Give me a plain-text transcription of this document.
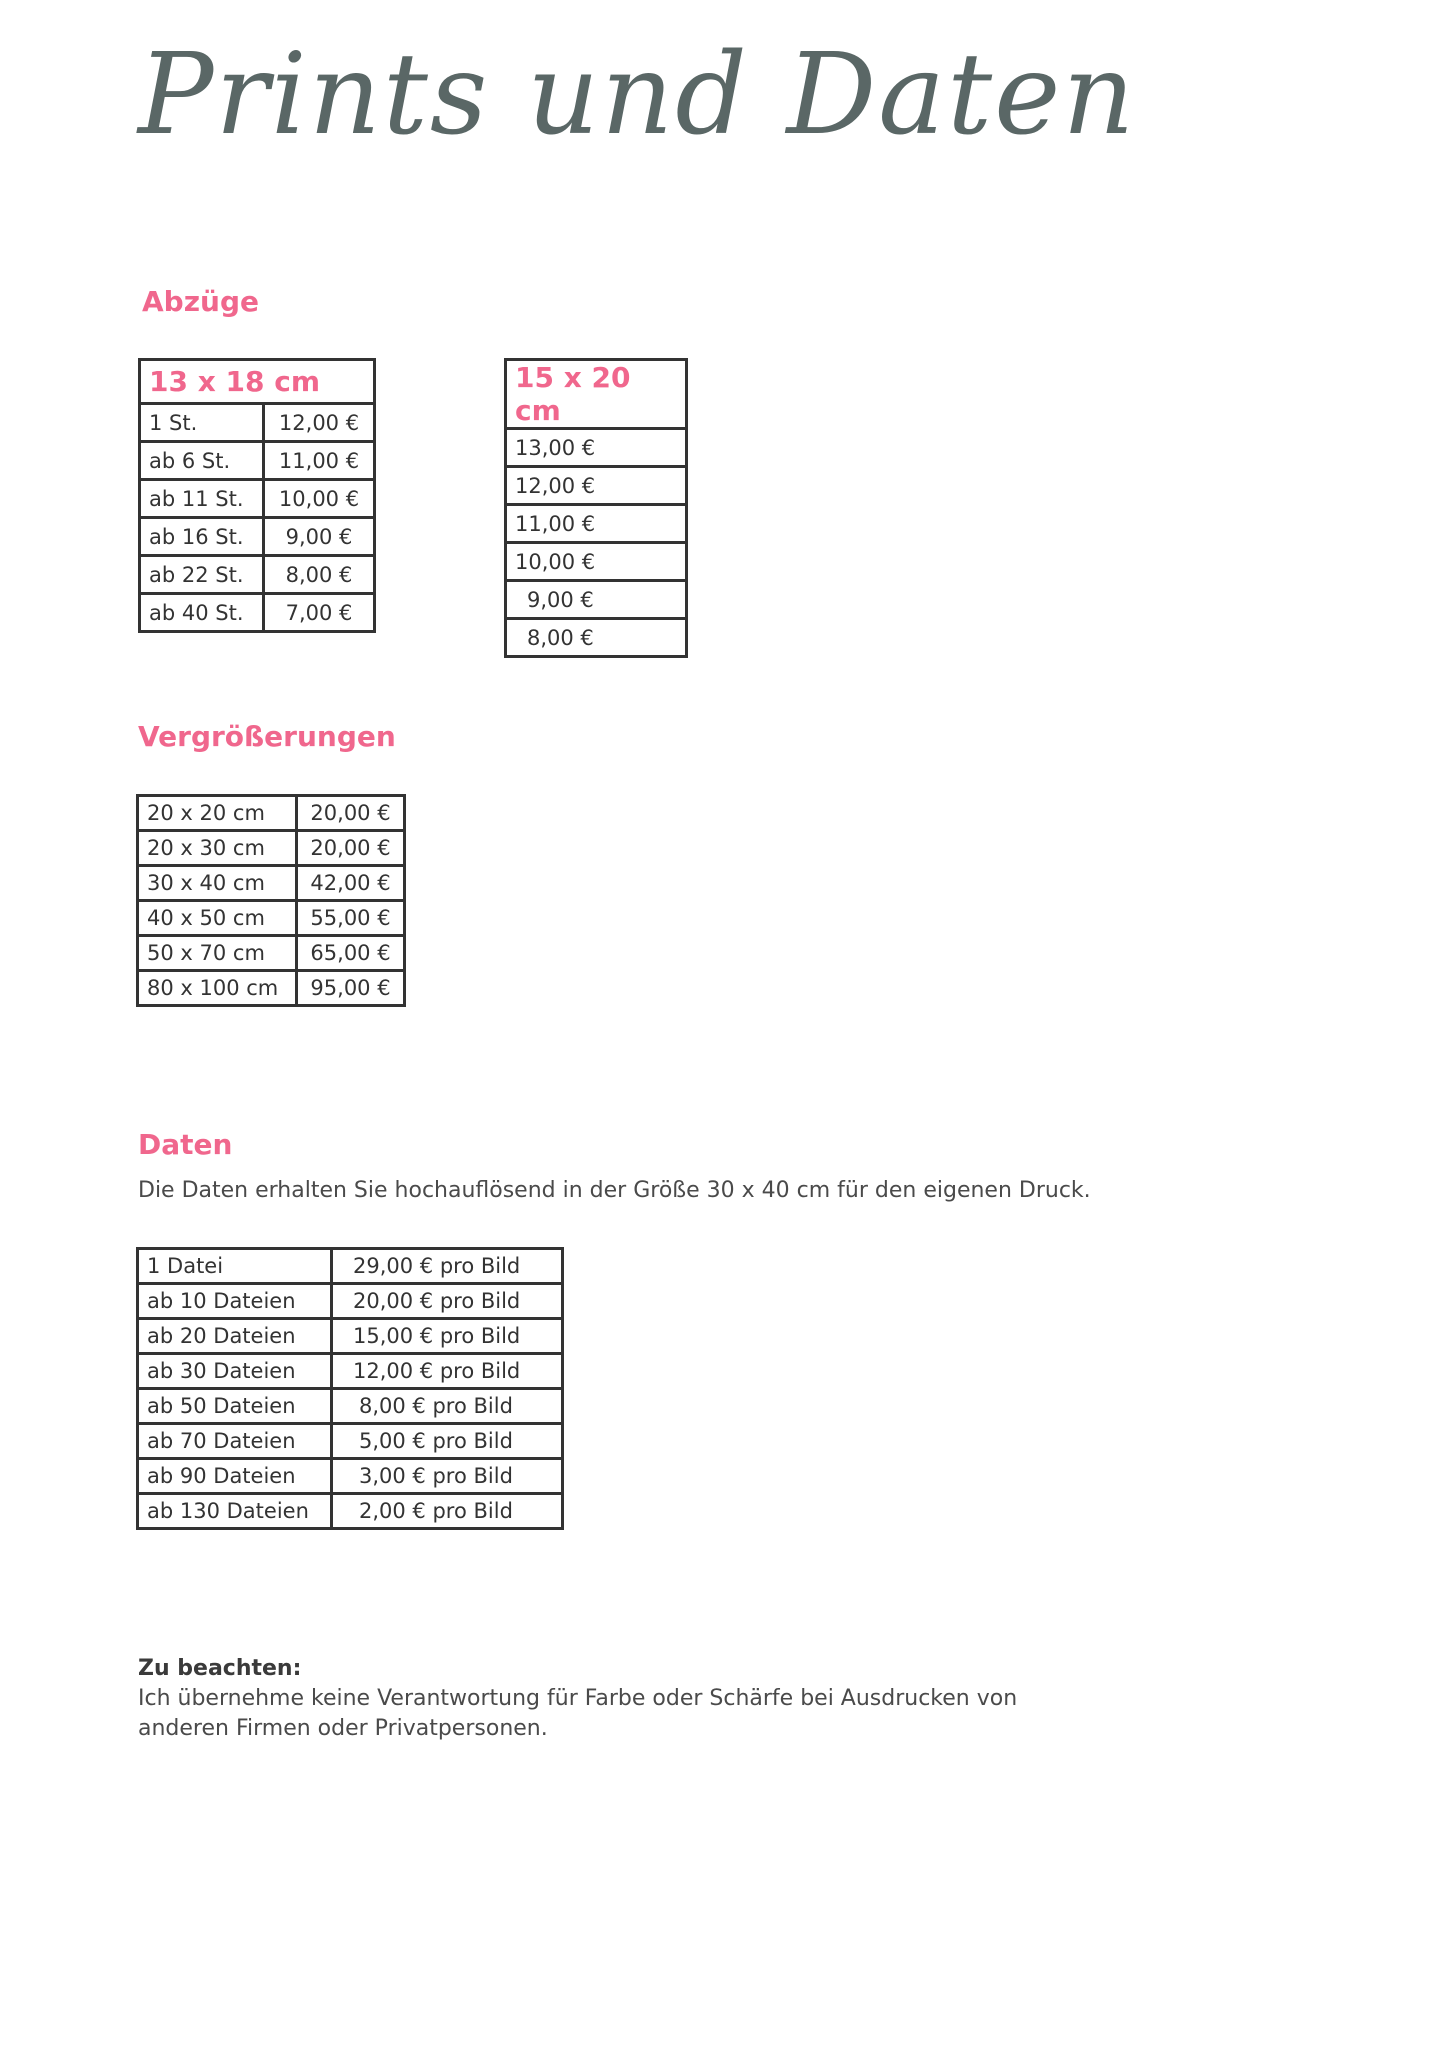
Prints und Daten
Abzüge
13 x 18 cm	
1 St.	12,00 €
ab 6 St.	11,00 €
ab 11 St.	10,00 €
ab 16 St.	9,00 €
ab 22 St.	8,00 €
ab 40 St.	7,00 €
15 x 20 cm
13,00 €
12,00 €
11,00 €
10,00 €
9,00 €
8,00 €
Vergrößerungen
20 x 20 cm	20,00 €
20 x 30 cm	20,00 €
30 x 40 cm	42,00 €
40 x 50 cm	55,00 €
50 x 70 cm	65,00 €
80 x 100 cm	95,00 €
Daten
Die Daten erhalten Sie hochauflösend in der Größe 30 x 40 cm für den eigenen Druck.
1 Datei	29,00 € pro Bild
ab 10 Dateien	20,00 € pro Bild
ab 20 Dateien	15,00 € pro Bild
ab 30 Dateien	12,00 € pro Bild
ab 50 Dateien	8,00 € pro Bild
ab 70 Dateien	5,00 € pro Bild
ab 90 Dateien	3,00 € pro Bild
ab 130 Dateien	2,00 € pro Bild
Zu beachten:
Ich übernehme keine Verantwortung für Farbe oder Schärfe bei Ausdrucken von anderen Firmen oder Privatpersonen.
